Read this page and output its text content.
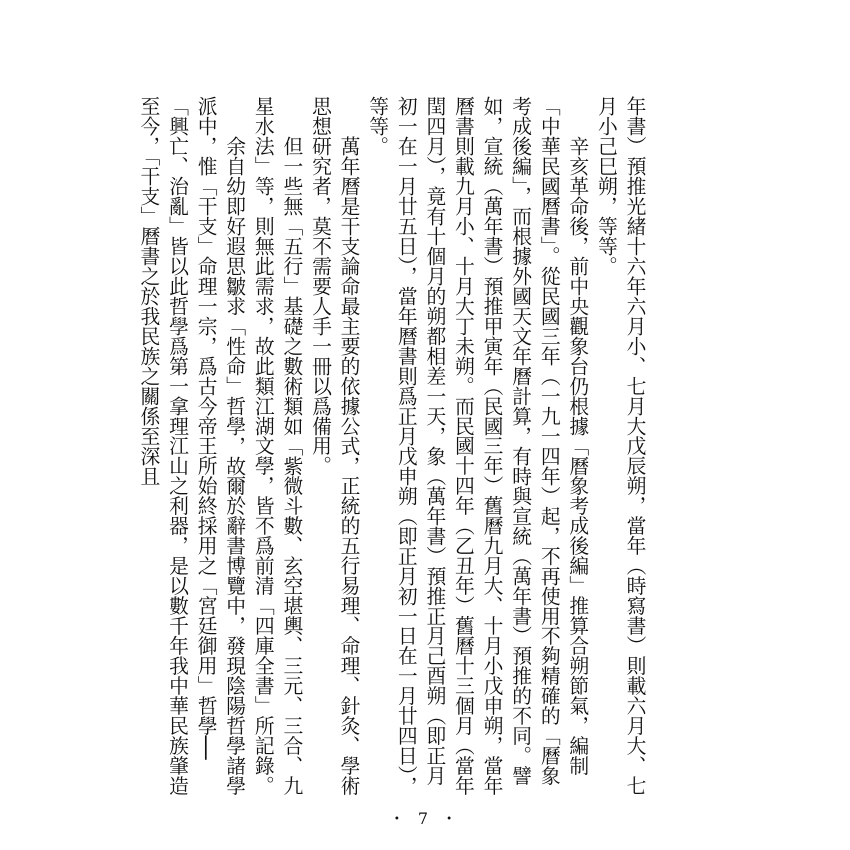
年書）預推光緒十六年六月小、七月大戊辰朔，當年（時寫書）則載六月大、七月小己巳朔，等等。

辛亥革命後，前中央觀象台仍根據「曆象考成後編」推算合朔節氣，編制「中華民國曆書」。從民國三年（一九一四年）起，不再使用不夠精確的「曆象考成後編」，而根據外國天文年曆計算，有時與宣統（萬年書）預推的不同。譬如，宣統（萬年書）預推甲寅年（民國三年）舊曆九月大、十月小戊申朔，當年曆書則載九月小、十月大丁未朔。而民國十四年（乙丑年）舊曆十三個月（當年閏四月），竟有十個月的朔都相差一天，象（萬年書）預推正月己酉朔（即正月初一在一月廿五日），當年曆書則爲正月戊申朔（即正月初一日在一月廿四日），等等。

萬年曆是干支論命最主要的依據公式，正統的五行易理、命理、針灸、學術思想研究者，莫不需要人手一冊以爲備用。

但一些無「五行」基礎之數術類如「紫微斗數、玄空堪輿、三元、三合、九星水法」等，則無此需求，故此類江湖文學，皆不爲前清「四庫全書」所記錄。

余自幼即好遐思皺求「性命」哲學，故爾於辭書博覽中，發現陰陽哲學諸學派中，惟「干支」命理一宗，爲古今帝王所始終採用之「宮廷御用」哲學──「興亡、治亂」皆以此哲學爲第一拿理江山之利器，是以數千年我中華民族肇造至今，「干支」曆書之於我民族之關係至深且

・ 7 ・
